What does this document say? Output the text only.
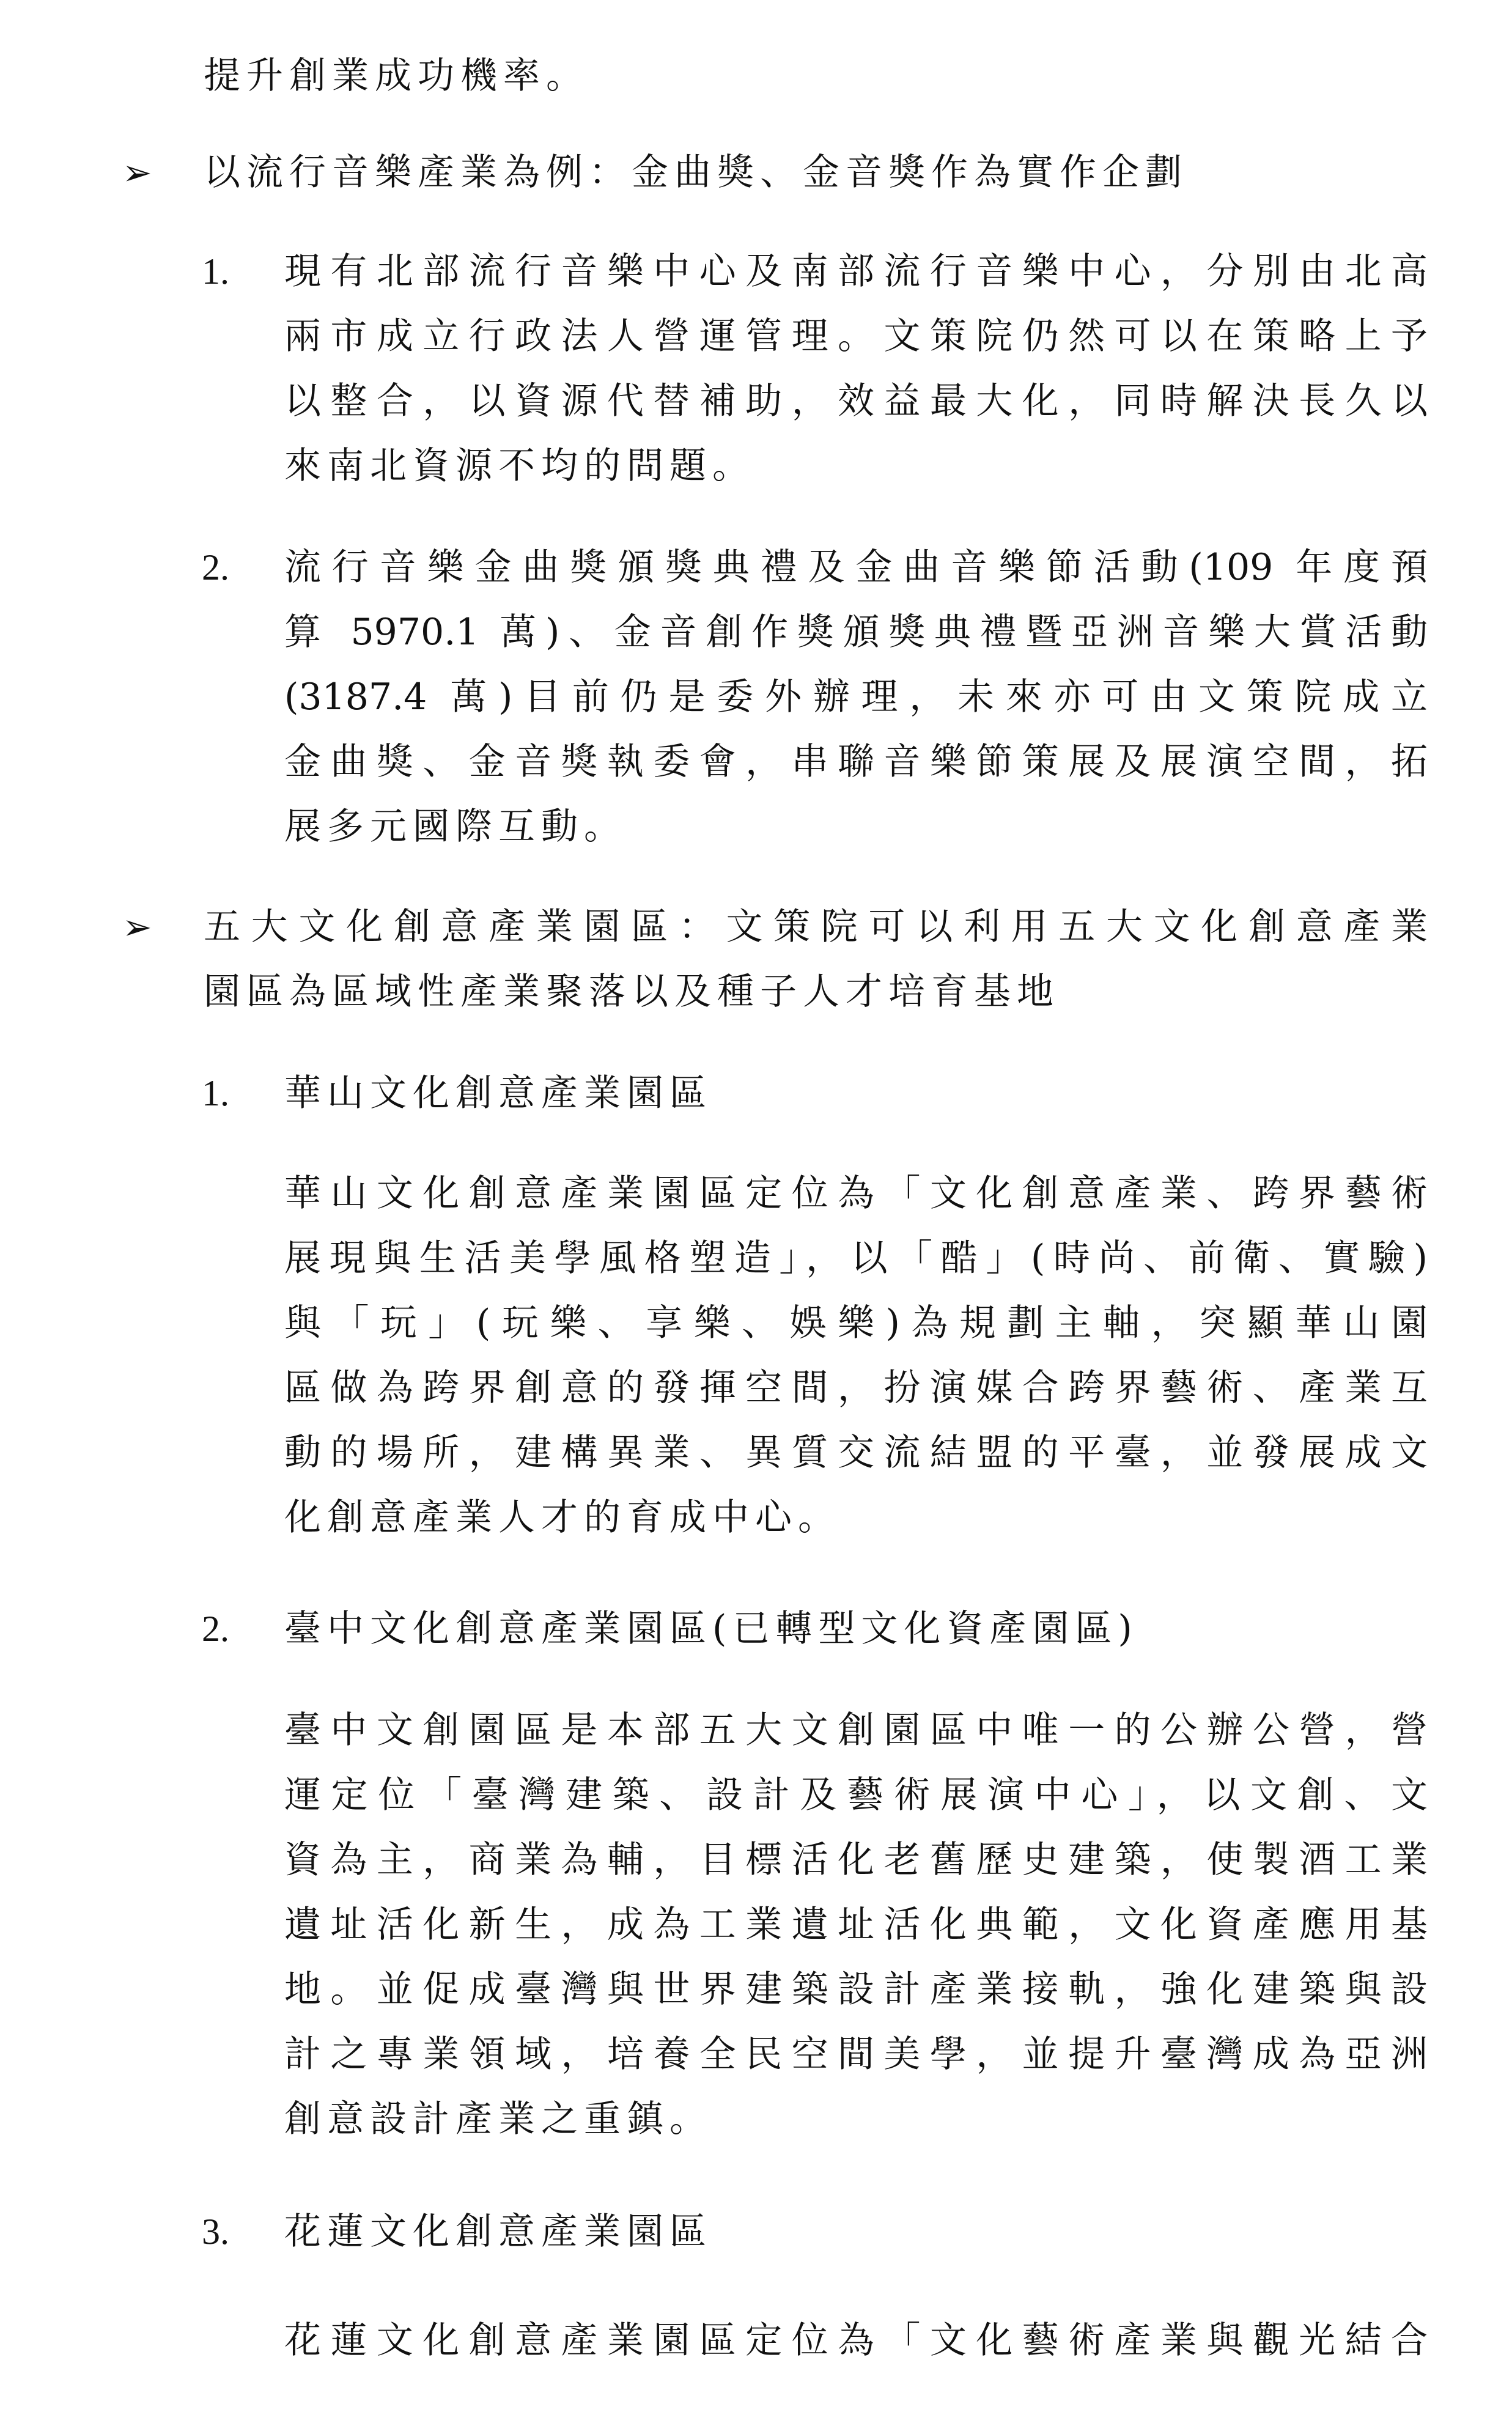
➢
➢
1.
2.
1.
2.
3.
提升創業成功機率。
以流行音樂產業為例：金曲獎、金音獎作為實作企劃
現有北部流行音樂中心及南部流行音樂中心，分別由北高
兩市成立行政法人營運管理。文策院仍然可以在策略上予
以整合，以資源代替補助，效益最大化，同時解決長久以
來南北資源不均的問題。
流行音樂金曲獎頒獎典禮及金曲音樂節活動(109 年度預
算 5970.1 萬)、金音創作獎頒獎典禮暨亞洲音樂大賞活動
(3187.4 萬)目前仍是委外辦理，未來亦可由文策院成立
金曲獎、金音獎執委會，串聯音樂節策展及展演空間，拓
展多元國際互動。
五大文化創意產業園區：文策院可以利用五大文化創意產業
園區為區域性產業聚落以及種子人才培育基地
華山文化創意產業園區
華山文化創意產業園區定位為「文化創意產業、跨界藝術
展現與生活美學風格塑造」，以「酷」(時尚、前衛、實驗)
與「玩」(玩樂、享樂、娛樂)為規劃主軸，突顯華山園
區做為跨界創意的發揮空間，扮演媒合跨界藝術、產業互
動的場所，建構異業、異質交流結盟的平臺，並發展成文
化創意產業人才的育成中心。
臺中文化創意產業園區(已轉型文化資產園區)
臺中文創園區是本部五大文創園區中唯一的公辦公營，營
運定位「臺灣建築、設計及藝術展演中心」，以文創、文
資為主，商業為輔，目標活化老舊歷史建築，使製酒工業
遺址活化新生，成為工業遺址活化典範，文化資產應用基
地。並促成臺灣與世界建築設計產業接軌，強化建築與設
計之專業領域，培養全民空間美學，並提升臺灣成為亞洲
創意設計產業之重鎮。
花蓮文化創意產業園區
花蓮文化創意產業園區定位為「文化藝術產業與觀光結合
